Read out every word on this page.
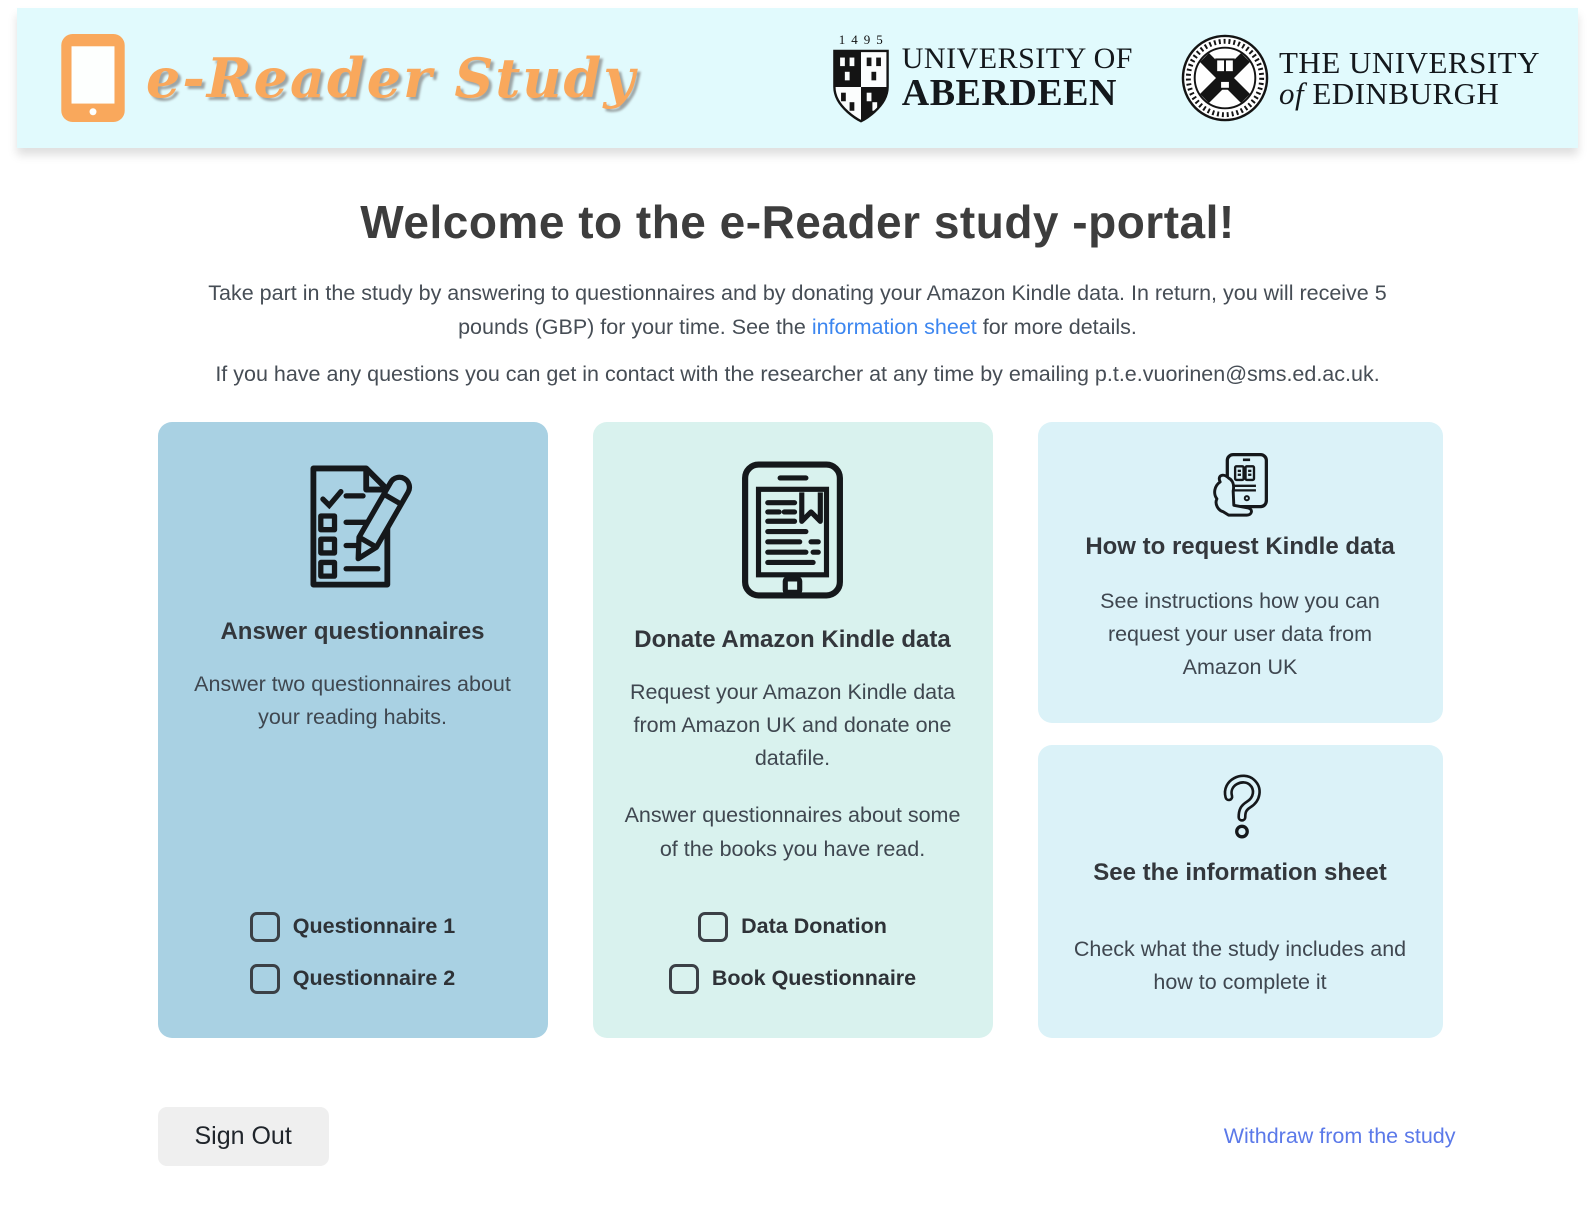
e-Reader Study
1495
UNIVERSITY OF
ABERDEEN
THE UNIVERSITY
of EDINBURGH
Welcome to the e-Reader study -portal!

Take part in the study by answering to questionnaires and by donating your Amazon Kindle data. In return, you will receive 5 pounds (GBP) for your time. See the information sheet for more details.

If you have any questions you can get in contact with the researcher at any time by emailing p.t.e.vuorinen@sms.ed.ac.uk.

Answer questionnaires

Answer two questionnaires about your reading habits.

Questionnaire 1
Questionnaire 2
Donate Amazon Kindle data

Request your Amazon Kindle data from Amazon UK and donate one datafile.

Answer questionnaires about some of the books you have read.

Data Donation
Book Questionnaire
How to request Kindle data

See instructions how you can request your user data from Amazon UK

See the information sheet

Check what the study includes and how to complete it

Sign Out	Withdraw from the study
